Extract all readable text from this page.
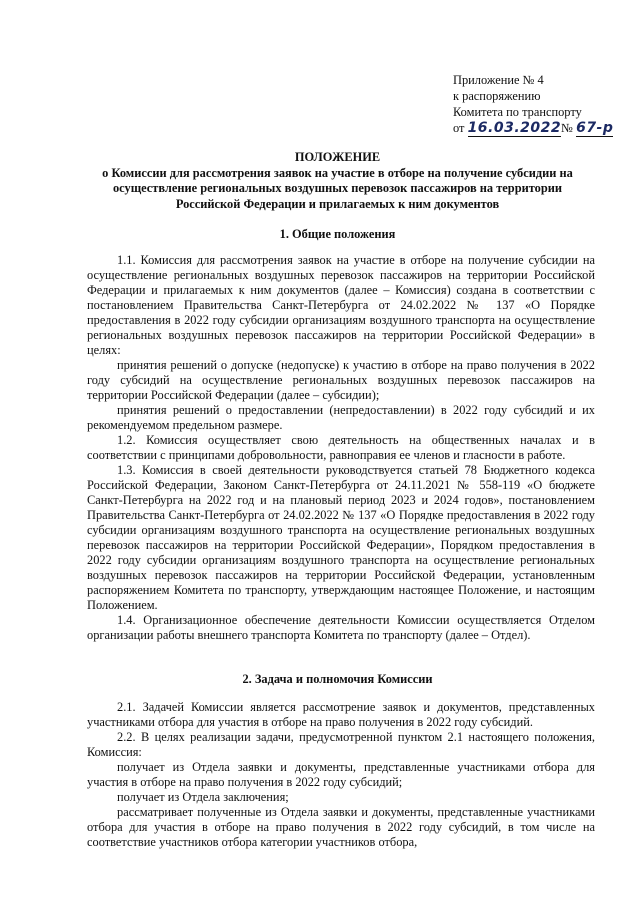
Приложение № 4
к распоряжению
Комитета по транспорту
от 16.03.2022№ 67-р
ПОЛОЖЕНИЕ
о Комиссии для рассмотрения заявок на участие в отборе на получение субсидии на осуществление региональных воздушных перевозок пассажиров на территории Российской Федерации и прилагаемых к ним документов
1. Общие положения

1.1. Комиссия для рассмотрения заявок на участие в отборе на получение субсидии на осуществление региональных воздушных перевозок пассажиров на территории Российской Федерации и прилагаемых к ним документов (далее – Комиссия) создана в соответствии с постановлением Правительства Санкт-Петербурга от 24.02.2022 № 137 «О Порядке предоставления в 2022 году субсидии организациям воздушного транспорта на осуществление региональных воздушных перевозок пассажиров на территории Российской Федерации» в целях:

принятия решений о допуске (недопуске) к участию в отборе на право получения в 2022 году субсидий на осуществление региональных воздушных перевозок пассажиров на территории Российской Федерации (далее – субсидии);

принятия решений о предоставлении (непредоставлении) в 2022 году субсидий и их рекомендуемом предельном размере.

1.2. Комиссия осуществляет свою деятельность на общественных началах и в соответствии с принципами добровольности, равноправия ее членов и гласности в работе.

1.3. Комиссия в своей деятельности руководствуется статьей 78 Бюджетного кодекса Российской Федерации, Законом Санкт-Петербурга от 24.11.2021 № 558-119 «О бюджете Санкт-Петербурга на 2022 год и на плановый период 2023 и 2024 годов», постановлением Правительства Санкт-Петербурга от 24.02.2022 № 137 «О Порядке предоставления в 2022 году субсидии организациям воздушного транспорта на осуществление региональных воздушных перевозок пассажиров на территории Российской Федерации», Порядком предоставления в 2022 году субсидии организациям воздушного транспорта на осуществление региональных воздушных перевозок пассажиров на территории Российской Федерации, установленным распоряжением Комитета по транспорту, утверждающим настоящее Положение, и настоящим Положением.

1.4. Организационное обеспечение деятельности Комиссии осуществляется Отделом организации работы внешнего транспорта Комитета по транспорту (далее – Отдел).

2. Задача и полномочия Комиссии

2.1. Задачей Комиссии является рассмотрение заявок и документов, представленных участниками отбора для участия в отборе на право получения в 2022 году субсидий.

2.2. В целях реализации задачи, предусмотренной пунктом 2.1 настоящего положения, Комиссия:

получает из Отдела заявки и документы, представленные участниками отбора для участия в отборе на право получения в 2022 году субсидий;

получает из Отдела заключения;

рассматривает полученные из Отдела заявки и документы, представленные участниками отбора для участия в отборе на право получения в 2022 году субсидий, в том числе на соответствие участников отбора категории участников отбора,
